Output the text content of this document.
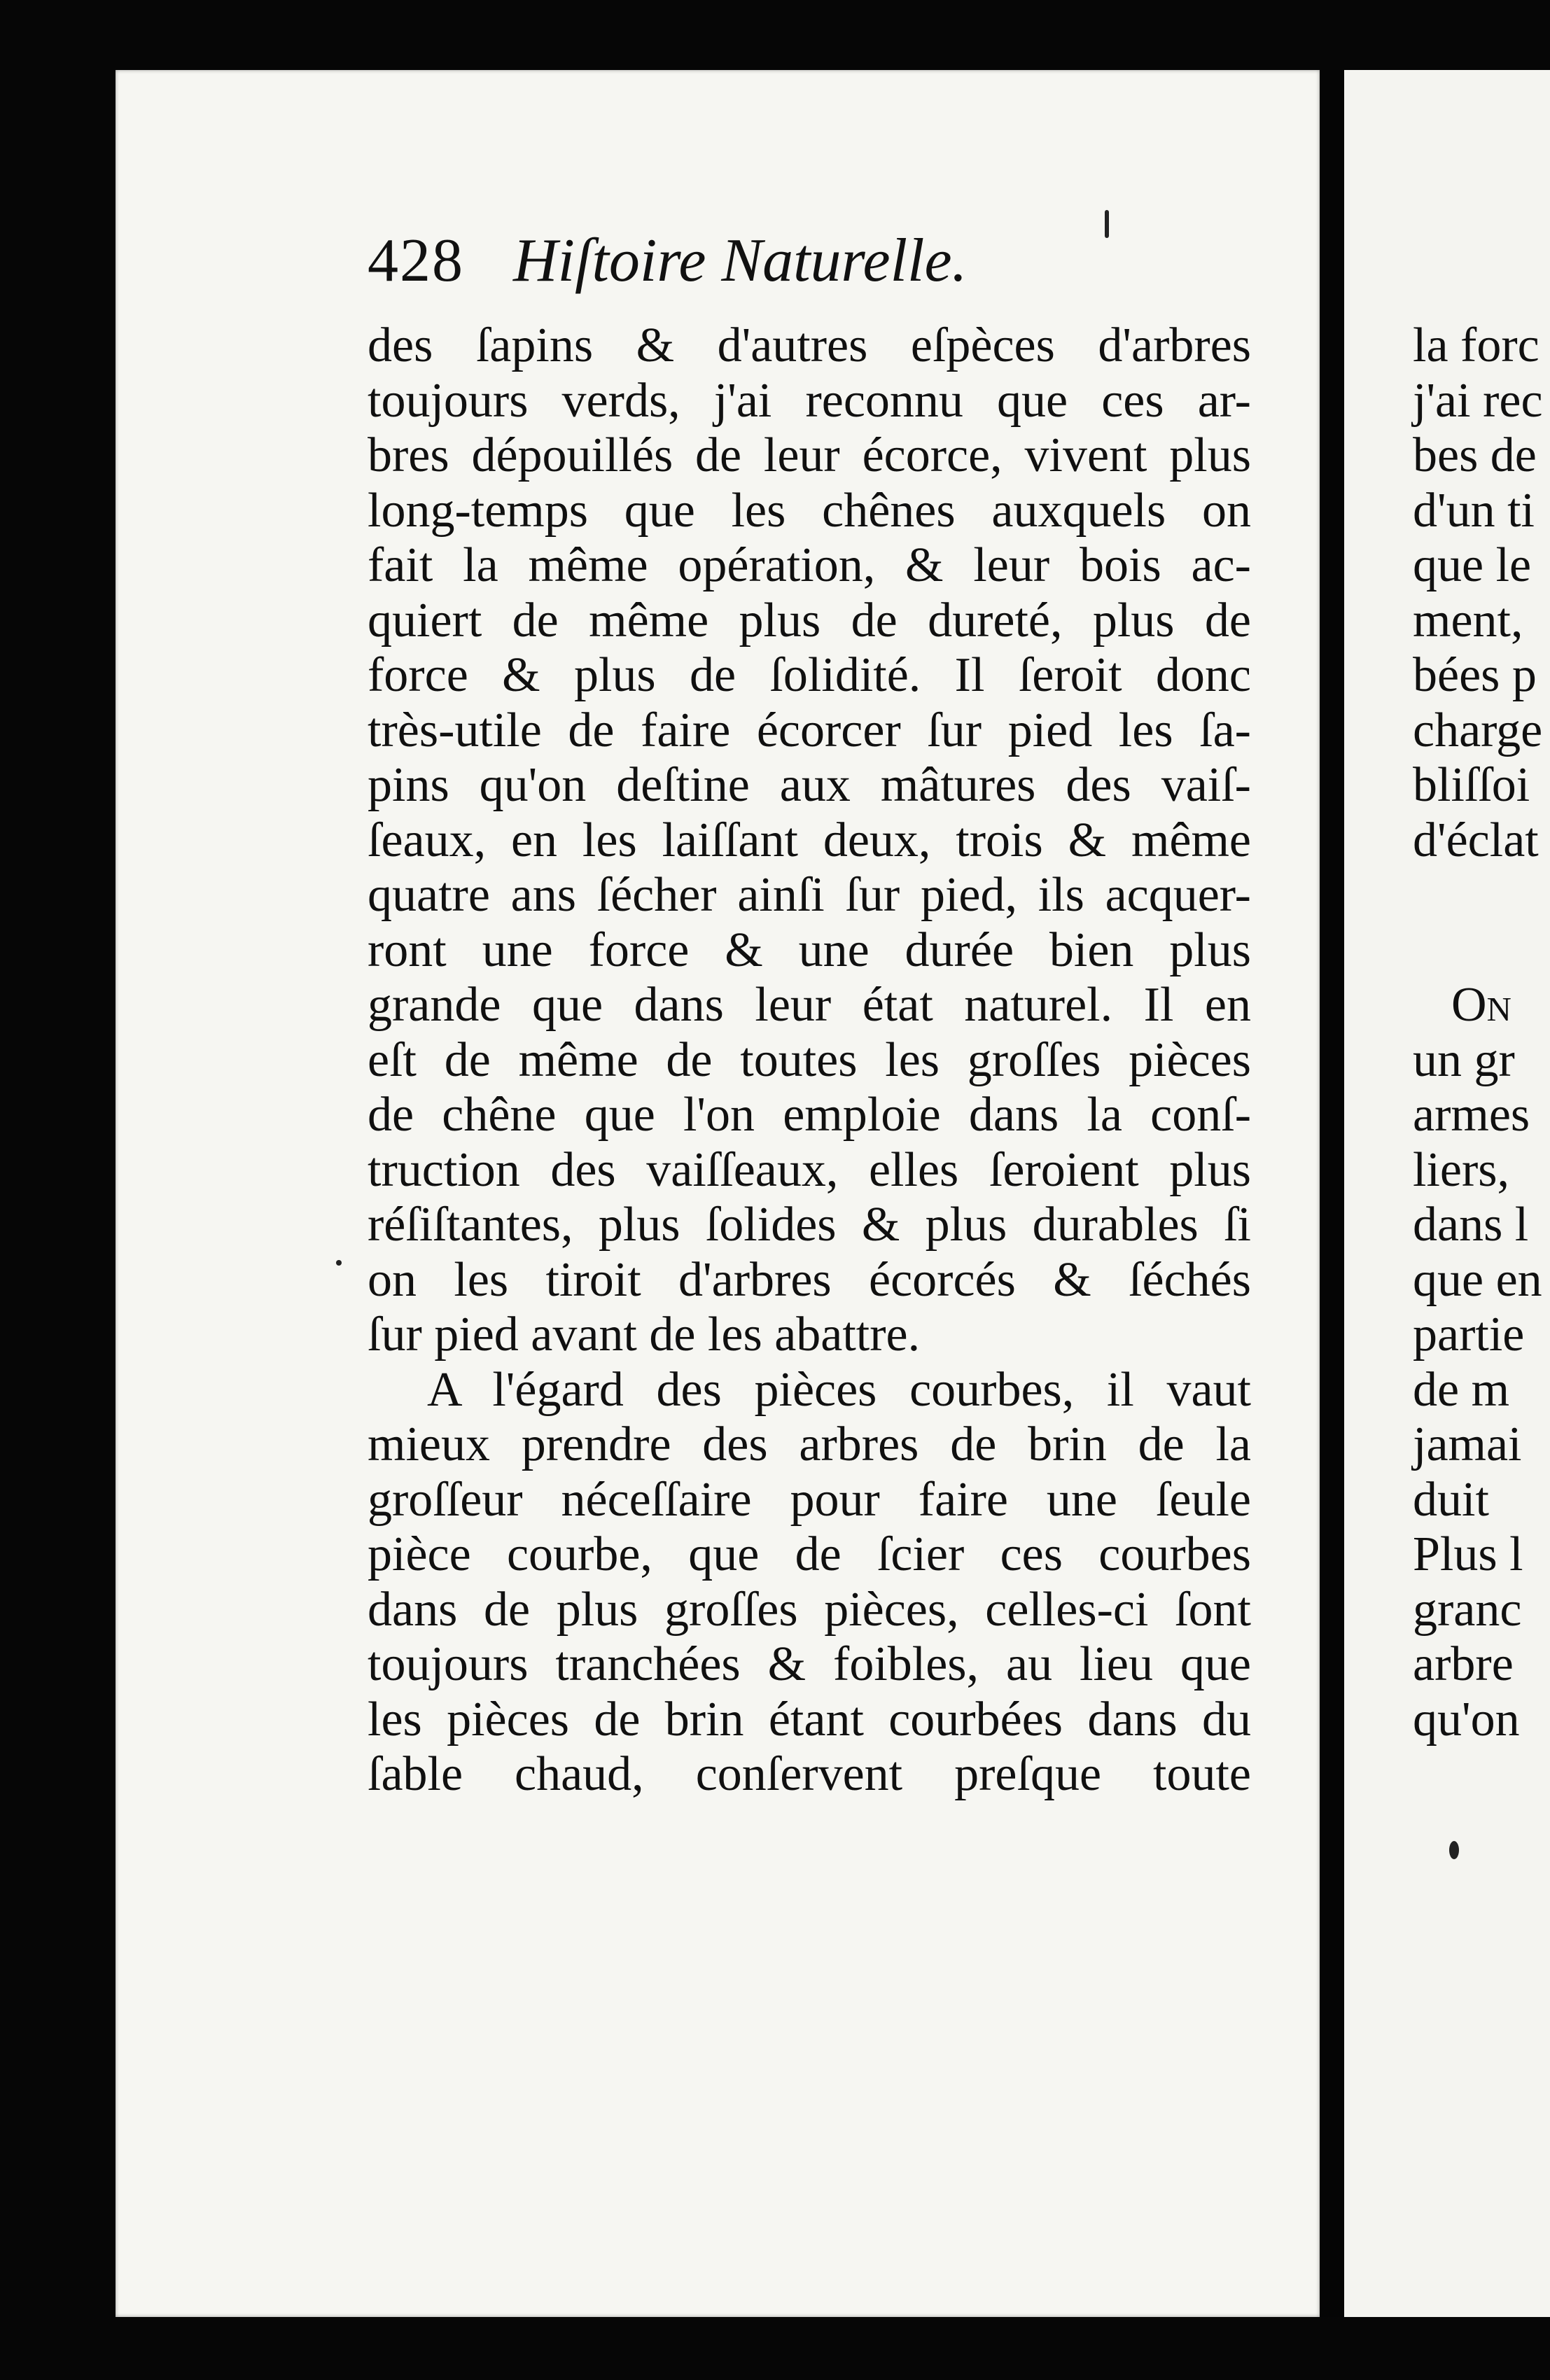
428 Hiſtoire Naturelle.
des ſapins & d'autres eſpèces d'arbres
toujours verds, j'ai reconnu que ces ar-
bres dépouillés de leur écorce, vivent plus
long-temps que les chênes auxquels on
fait la même opération, & leur bois ac-
quiert de même plus de dureté, plus de
force & plus de ſolidité. Il ſeroit donc
très-utile de faire écorcer ſur pied les ſa-
pins qu'on deſtine aux mâtures des vaiſ-
ſeaux, en les laiſſant deux, trois & même
quatre ans ſécher ainſi ſur pied, ils acquer-
ront une force & une durée bien plus
grande que dans leur état naturel. Il en
eſt de même de toutes les groſſes pièces
de chêne que l'on emploie dans la conſ-
truction des vaiſſeaux, elles ſeroient plus
réſiſtantes, plus ſolides & plus durables ſi
on les tiroit d'arbres écorcés & ſéchés
ſur pied avant de les abattre.
A l'égard des pièces courbes, il vaut
mieux prendre des arbres de brin de la
groſſeur néceſſaire pour faire une ſeule
pièce courbe, que de ſcier ces courbes
dans de plus groſſes pièces, celles-ci ſont
toujours tranchées & foibles, au lieu que
les pièces de brin étant courbées dans du
ſable chaud, conſervent preſque toute
la forc
j'ai rec
bes de
d'un ti
que le
ment,
bées p
charge
bliſſoi
d'éclat
On
un gr
armes
liers,
dans l
que en
partie
de m
jamai
duit
Plus l
granc
arbre
qu'on
